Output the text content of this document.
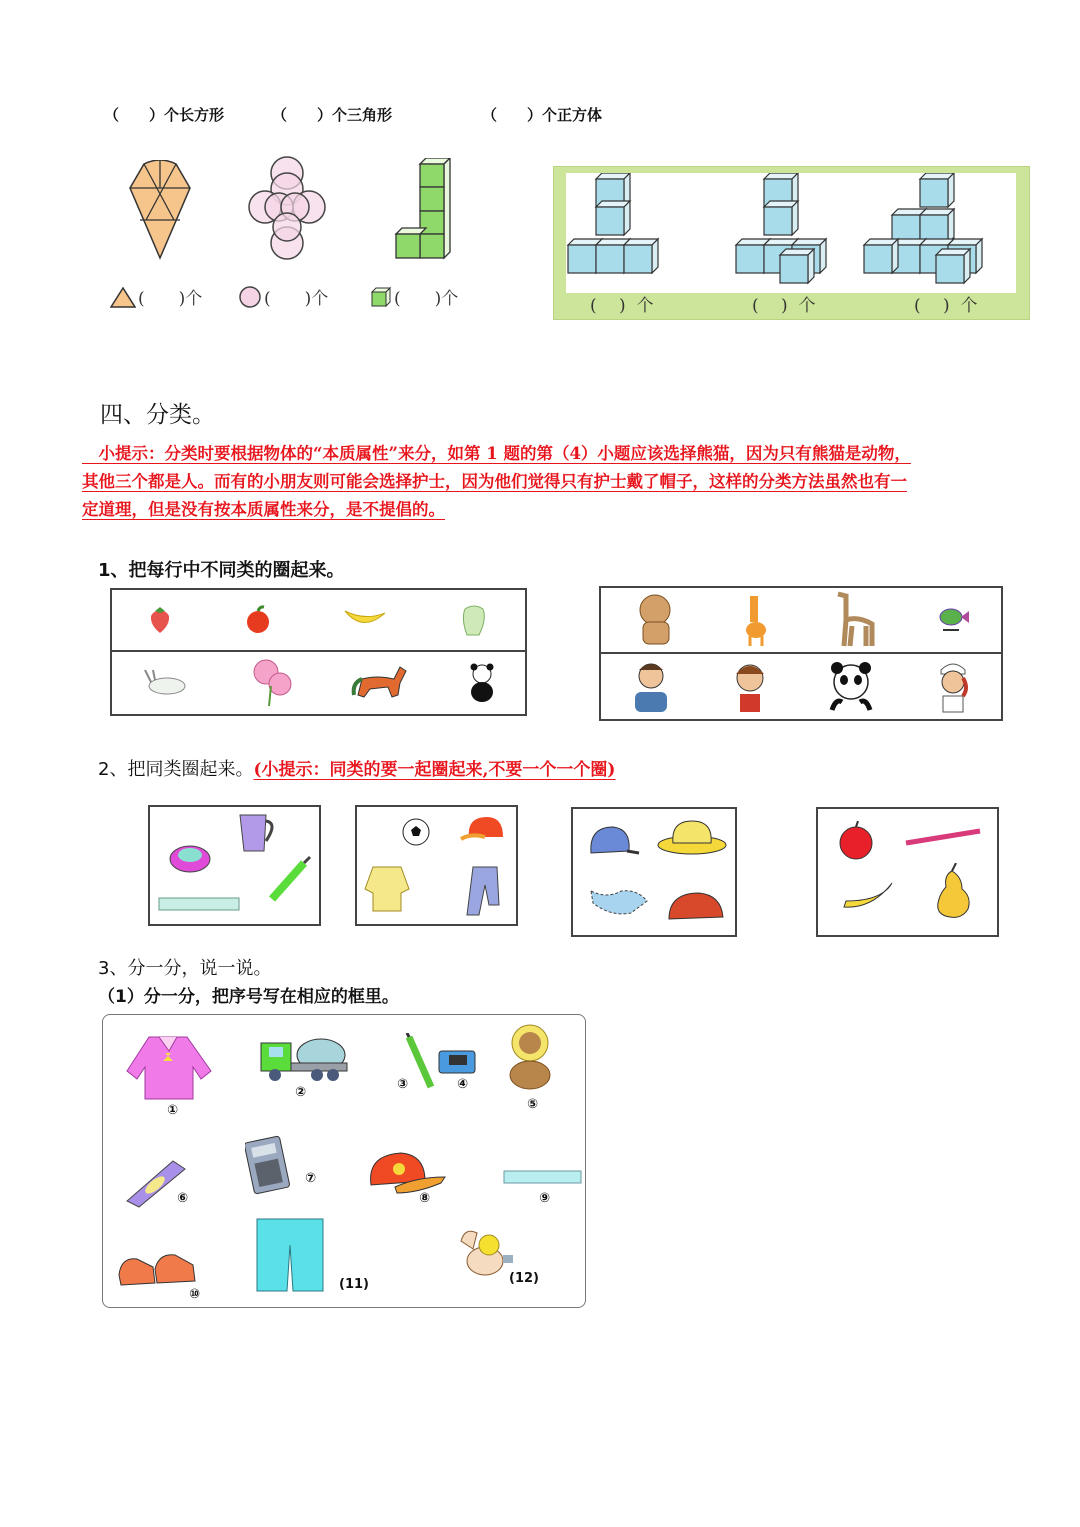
（　　）个长方形	（　　）个三角形	（　　）个正方体
(　　)个	(　　)个	(　　)个	(　 )  个	(　 )  个	(　 )  个
四、分类。
　小提示：分类时要根据物体的“本质属性”来分，如第 1 题的第（4）小题应该选择熊猫，因为只有熊猫是动物，
其他三个都是人。而有的小朋友则可能会选择护士，因为他们觉得只有护士戴了帽子，这样的分类方法虽然也有一
定道理，但是没有按本质属性来分，是不提倡的。
1、把每行中不同类的圈起来。
2、把同类圈起来。(小提示：同类的要一起圈起来,不要一个一个圈)
3、分一分，说一说。
（1）分一分，把序号写在相应的框里。
①
②
③	④
⑤
⑥
⑦
⑧	⑨
⑩
(11)	(12)
